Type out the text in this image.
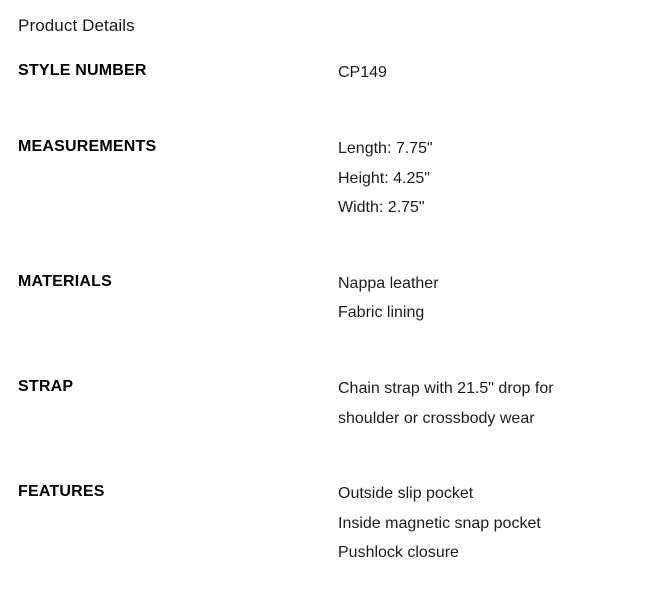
Product Details
STYLE NUMBER	CP149

MEASUREMENTS	Length: 7.75"
Height: 4.25"
Width: 2.75"

MATERIALS	Nappa leather
Fabric lining

STRAP	Chain strap with 21.5" drop for
shoulder or crossbody wear

FEATURES	Outside slip pocket
Inside magnetic snap pocket
Pushlock closure
